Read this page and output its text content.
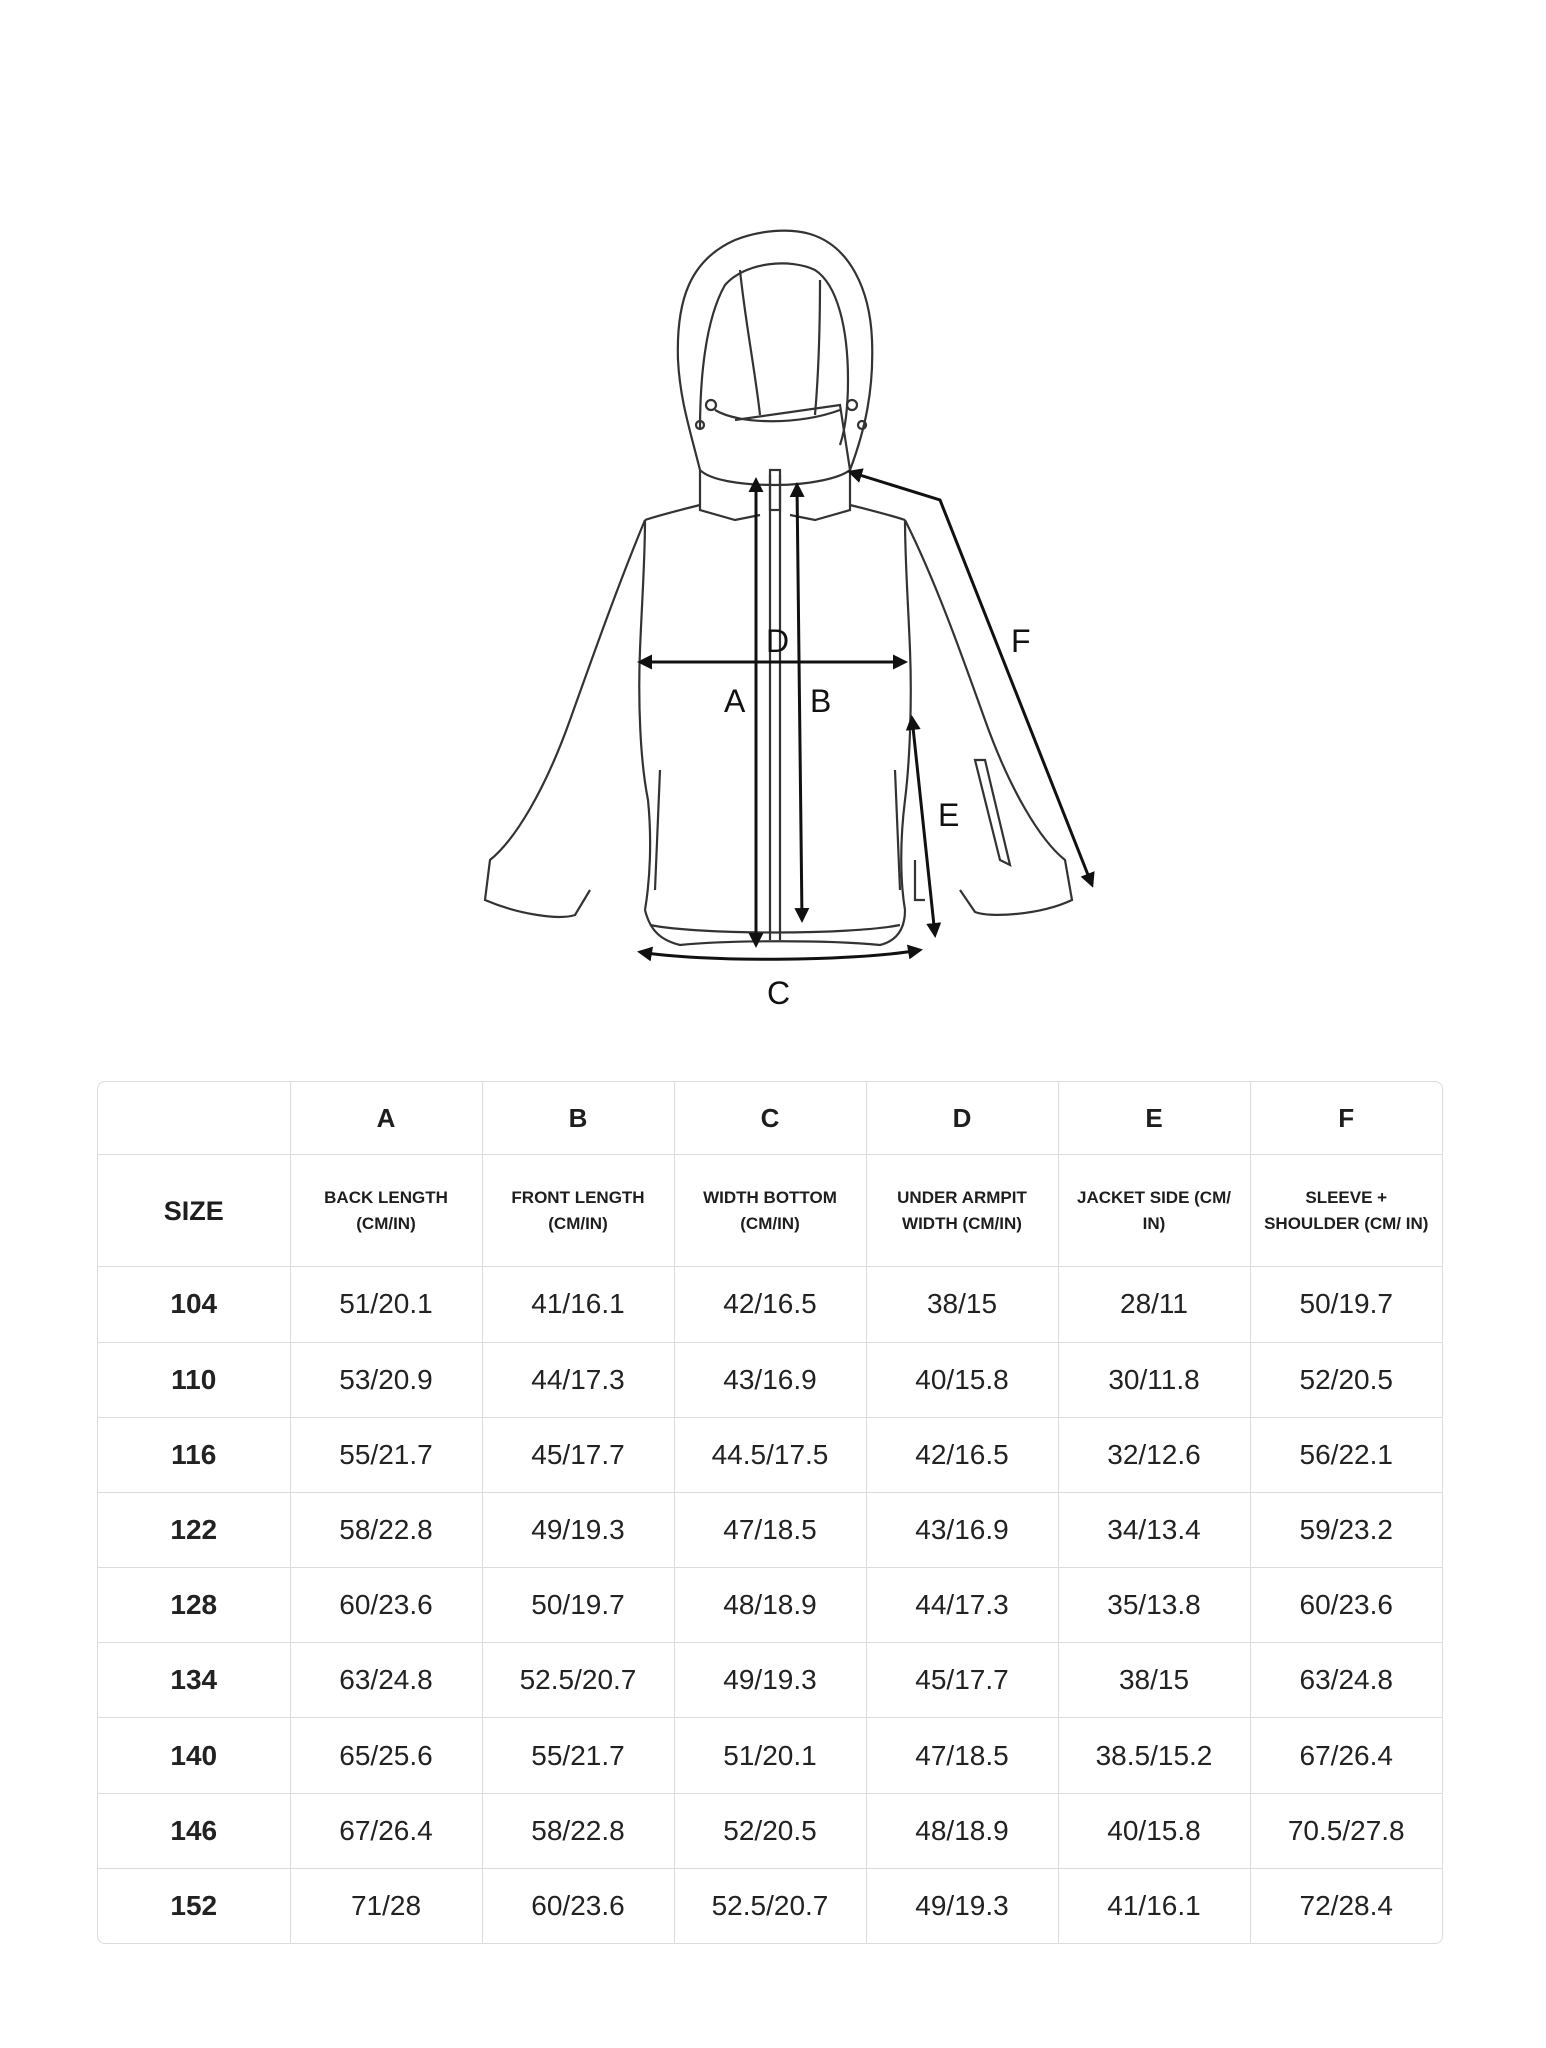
D
A B
F
E
C
	A	B	C	D	E	F
SIZE	BACK LENGTH (CM/IN)	FRONT LENGTH (CM/IN)	WIDTH BOTTOM (CM/IN)	UNDER ARMPIT WIDTH (CM/IN)	JACKET SIDE (CM/ IN)	SLEEVE + SHOULDER (CM/ IN)
104	51/20.1	41/16.1	42/16.5	38/15	28/11	50/19.7
110	53/20.9	44/17.3	43/16.9	40/15.8	30/11.8	52/20.5
116	55/21.7	45/17.7	44.5/17.5	42/16.5	32/12.6	56/22.1
122	58/22.8	49/19.3	47/18.5	43/16.9	34/13.4	59/23.2
128	60/23.6	50/19.7	48/18.9	44/17.3	35/13.8	60/23.6
134	63/24.8	52.5/20.7	49/19.3	45/17.7	38/15	63/24.8
140	65/25.6	55/21.7	51/20.1	47/18.5	38.5/15.2	67/26.4
146	67/26.4	58/22.8	52/20.5	48/18.9	40/15.8	70.5/27.8
152	71/28	60/23.6	52.5/20.7	49/19.3	41/16.1	72/28.4
